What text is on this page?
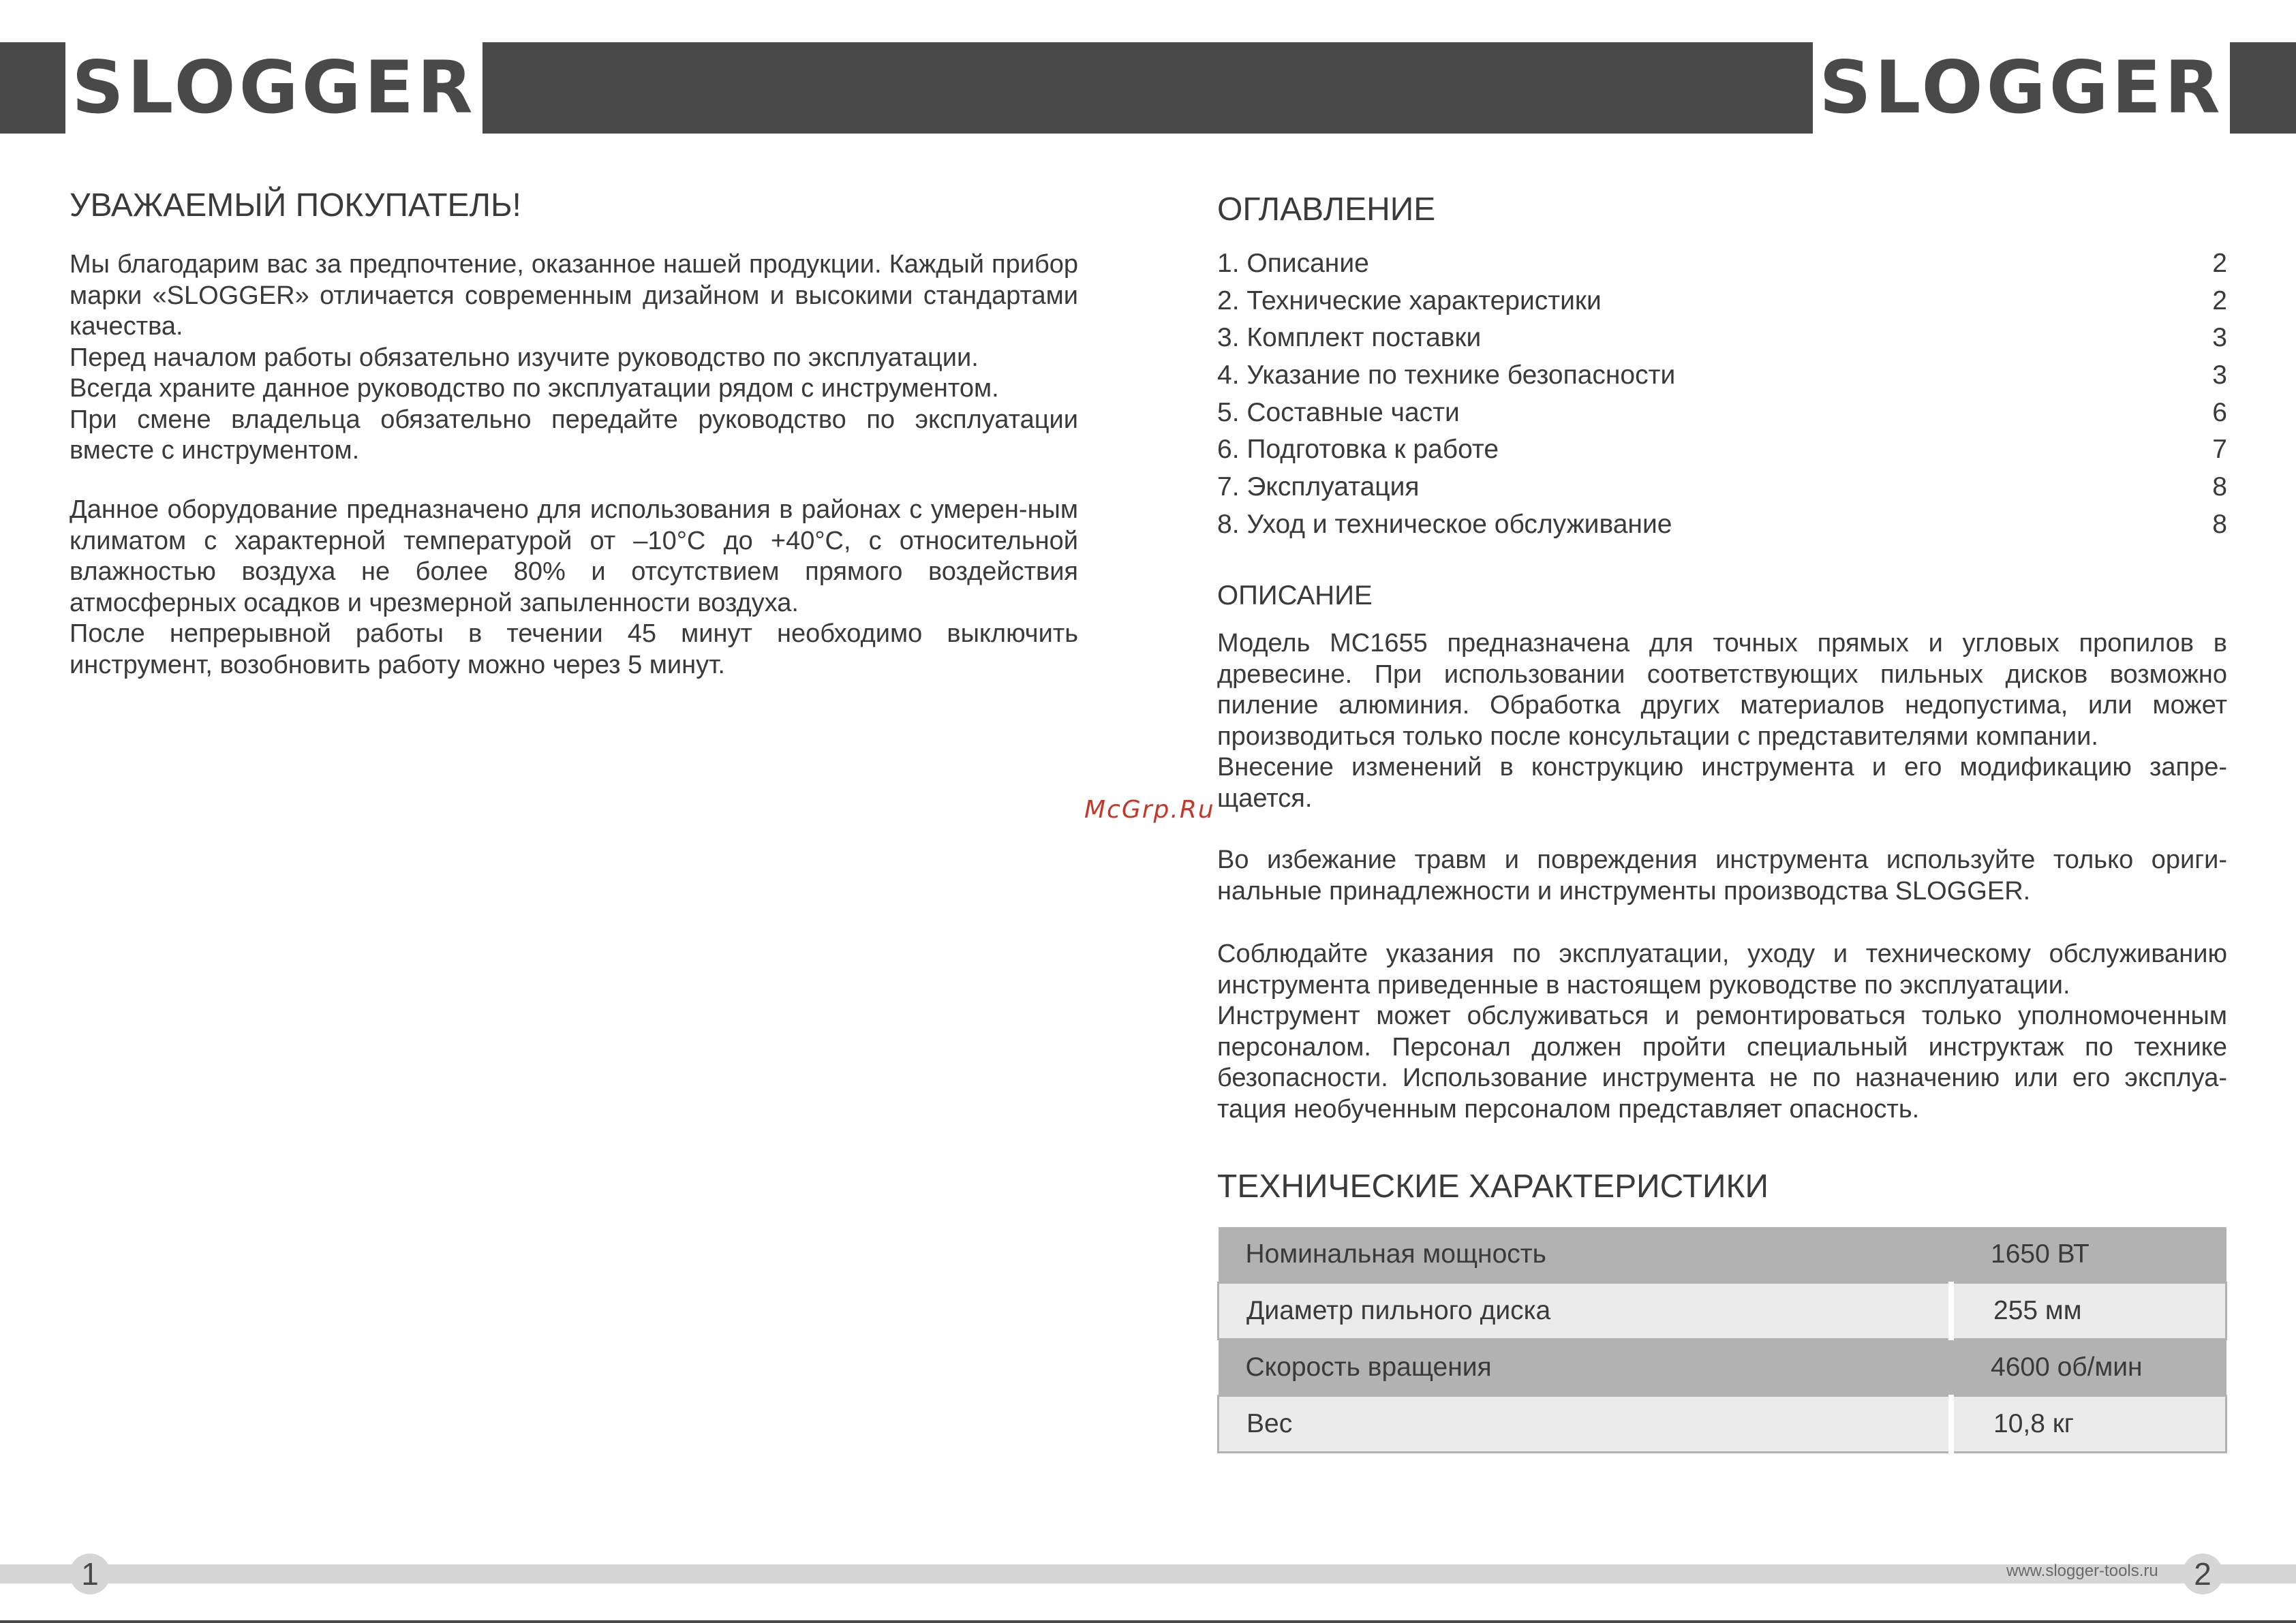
SLOGGER	SLOGGER
УВАЖАЕМЫЙ ПОКУПАТЕЛЬ!
Мы благодарим вас за предпочтение, оказанное нашей продукции. Каждый прибор марки «SLOGGER» отличается современным дизайном и высокими стандартами качества.
Перед началом работы обязательно изучите руководство по эксплуатации.
Всегда храните данное руководство по эксплуатации рядом с инструментом.
При смене владельца обязательно передайте руководство по эксплуатации вместе с инструментом.
Данное оборудование предназначено для использования в районах с умерен-ным климатом с характерной температурой от –10°C до +40°C, с относительной влажностью воздуха не более 80% и отсутствием прямого воздействия атмосферных осадков и чрезмерной запыленности воздуха.
После непрерывной работы в течении 45 минут необходимо выключить инструмент, возобновить работу можно через 5 минут.
ОГЛАВЛЕНИЕ
1. Описание	2
2. Технические характеристики	2
3. Комплект поставки	3
4. Указание по технике безопасности	3
5. Составные части	6
6. Подготовка к работе	7
7. Эксплуатация	8
8. Уход и техническое обслуживание	8
ОПИСАНИЕ
Модель MC1655 предназначена для точных прямых и угловых пропилов в древесине. При использовании соответствующих пильных дисков возможно пиление алюминия. Обработка других материалов недопустима, или может производиться только после консультации с представителями компании.
Внесение изменений в конструкцию инструмента и его модификацию запре-щается.
McGrp.Ru
Во избежание травм и повреждения инструмента используйте только ориги-нальные принадлежности и инструменты производства SLOGGER.
Соблюдайте указания по эксплуатации, уходу и техническому обслуживанию инструмента приведенные в настоящем руководстве по эксплуатации.
Инструмент может обслуживаться и ремонтироваться только уполномоченным персоналом. Персонал должен пройти специальный инструктаж по технике безопасности. Использование инструмента не по назначению или его эксплуа-тация необученным персоналом представляет опасность.
ТЕХНИЧЕСКИЕ ХАРАКТЕРИСТИКИ
Номинальная мощность	1650 ВТ
Диаметр пильного диска	255 мм
Скорость вращения	4600 об/мин
Вес	10,8 кг
1	www.slogger-tools.ru	2
